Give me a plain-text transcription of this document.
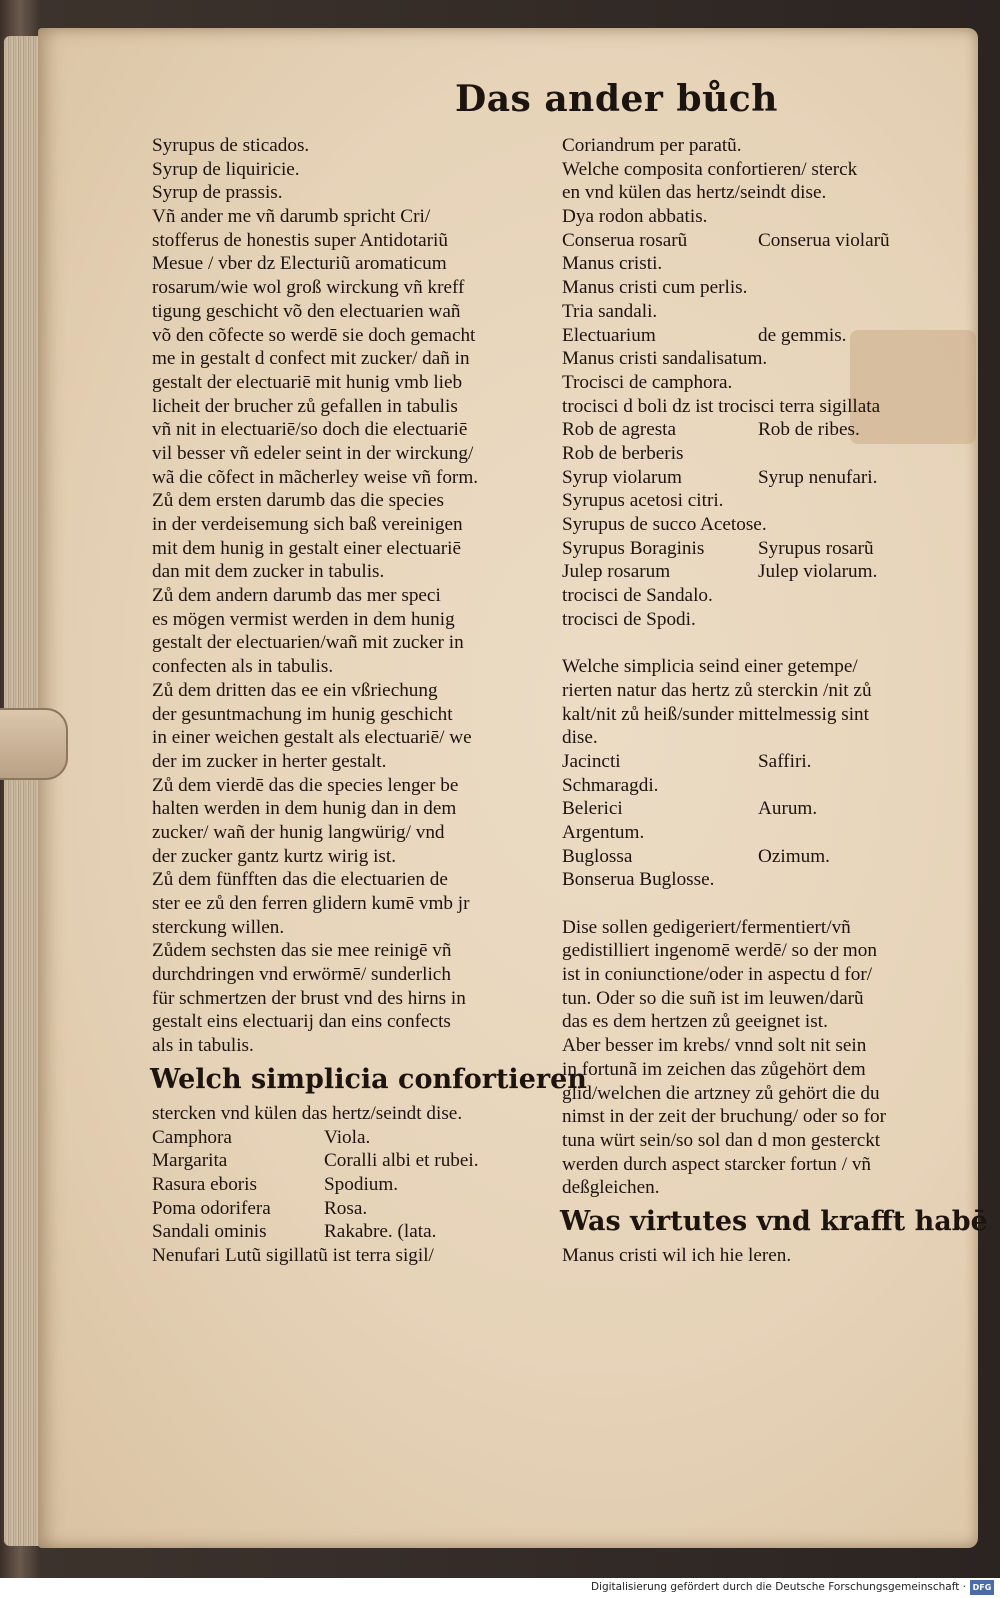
Das ander bůch
Syrupus de sticados.
Syrup de liquiricie.
Syrup de prassis.
Vñ ander me vñ darumb spricht Cri/
stofferus de honestis super Antidotariũ
Mesue / vber dz Electuriũ aromaticum
rosarum/wie wol groß wirckung vñ kreff
tigung geschicht võ den electuarien wañ
võ den cõfecte so werdē sie doch gemacht
me in gestalt d confect mit zucker/ dañ in
gestalt der electuariē mit hunig vmb lieb
licheit der brucher zů gefallen in tabulis
vñ nit in electuariē/so doch die electuariē
vil besser vñ edeler seint in der wirckung/
wã die cõfect in mãcherley weise vñ form.
Zů dem ersten darumb das die species
in der verdeisemung sich baß vereinigen
mit dem hunig in gestalt einer electuariē
dan mit dem zucker in tabulis.
Zů dem andern darumb das mer speci
es mögen vermist werden in dem hunig
gestalt der electuarien/wañ mit zucker in
confecten als in tabulis.
Zů dem dritten das ee ein vßriechung
der gesuntmachung im hunig geschicht
in einer weichen gestalt als electuariē/ we
der im zucker in herter gestalt.
Zů dem vierdē das die species lenger be
halten werden in dem hunig dan in dem
zucker/ wañ der hunig langwürig/ vnd
der zucker gantz kurtz wirig ist.
Zů dem fünfften das die electuarien de
ster ee zů den ferren glidern kumē vmb jr
sterckung willen.
Zůdem sechsten das sie mee reinigē vñ
durchdringen vnd erwörmē/ sunderlich
für schmertzen der brust vnd des hirns in
gestalt eins electuarij dan eins confects
als in tabulis.
Welch simplicia confortieren
stercken vnd külen das hertz/seindt dise.
Camphora	Viola.
Margarita	Coralli albi et rubei.
Rasura eboris	Spodium.
Poma odorifera	Rosa.
Sandali ominis	Rakabre. (lata.
Nenufari Lutũ sigillatũ ist terra sigil/
Coriandrum per paratũ.
Welche composita confortieren/ sterck
en vnd külen das hertz/seindt dise.
Dya rodon abbatis.
Conserua rosarũ	Conserua violarũ
Manus cristi.
Manus cristi cum perlis.
Tria sandali.
Electuarium	de gemmis.
Manus cristi sandalisatum.
Trocisci de camphora.
trocisci d boli dz ist trocisci terra sigillata
Rob de agresta	Rob de ribes.
Rob de berberis
Syrup violarum	Syrup nenufari.
Syrupus acetosi citri.
Syrupus de succo Acetose.
Syrupus Boraginis	Syrupus rosarũ
Julep rosarum	Julep violarum.
trocisci de Sandalo.
trocisci de Spodi.
Welche simplicia seind einer getempe/
rierten natur das hertz zů sterckin /nit zů
kalt/nit zů heiß/sunder mittelmessig sint
dise.
Jacincti	Saffiri.
Schmaragdi.
Belerici	Aurum.
Argentum.
Buglossa	Ozimum.
Bonserua Buglosse.
Dise sollen gedigeriert/fermentiert/vñ
gedistilliert ingenomē werdē/ so der mon
ist in coniunctione/oder in aspectu d for/
tun. Oder so die suñ ist im leuwen/darũ
das es dem hertzen zů geeignet ist.
Aber besser im krebs/ vnnd solt nit sein
in fortunã im zeichen das zůgehört dem
glid/welchen die artzney zů gehört die du
nimst in der zeit der bruchung/ oder so for
tuna würt sein/so sol dan d mon gesterckt
werden durch aspect starcker fortun / vñ
deßgleichen.
Was virtutes vnd krafft habē
Manus cristi wil ich hie leren.
Digitalisierung gefördert durch die Deutsche Forschungsgemeinschaft · DFG
